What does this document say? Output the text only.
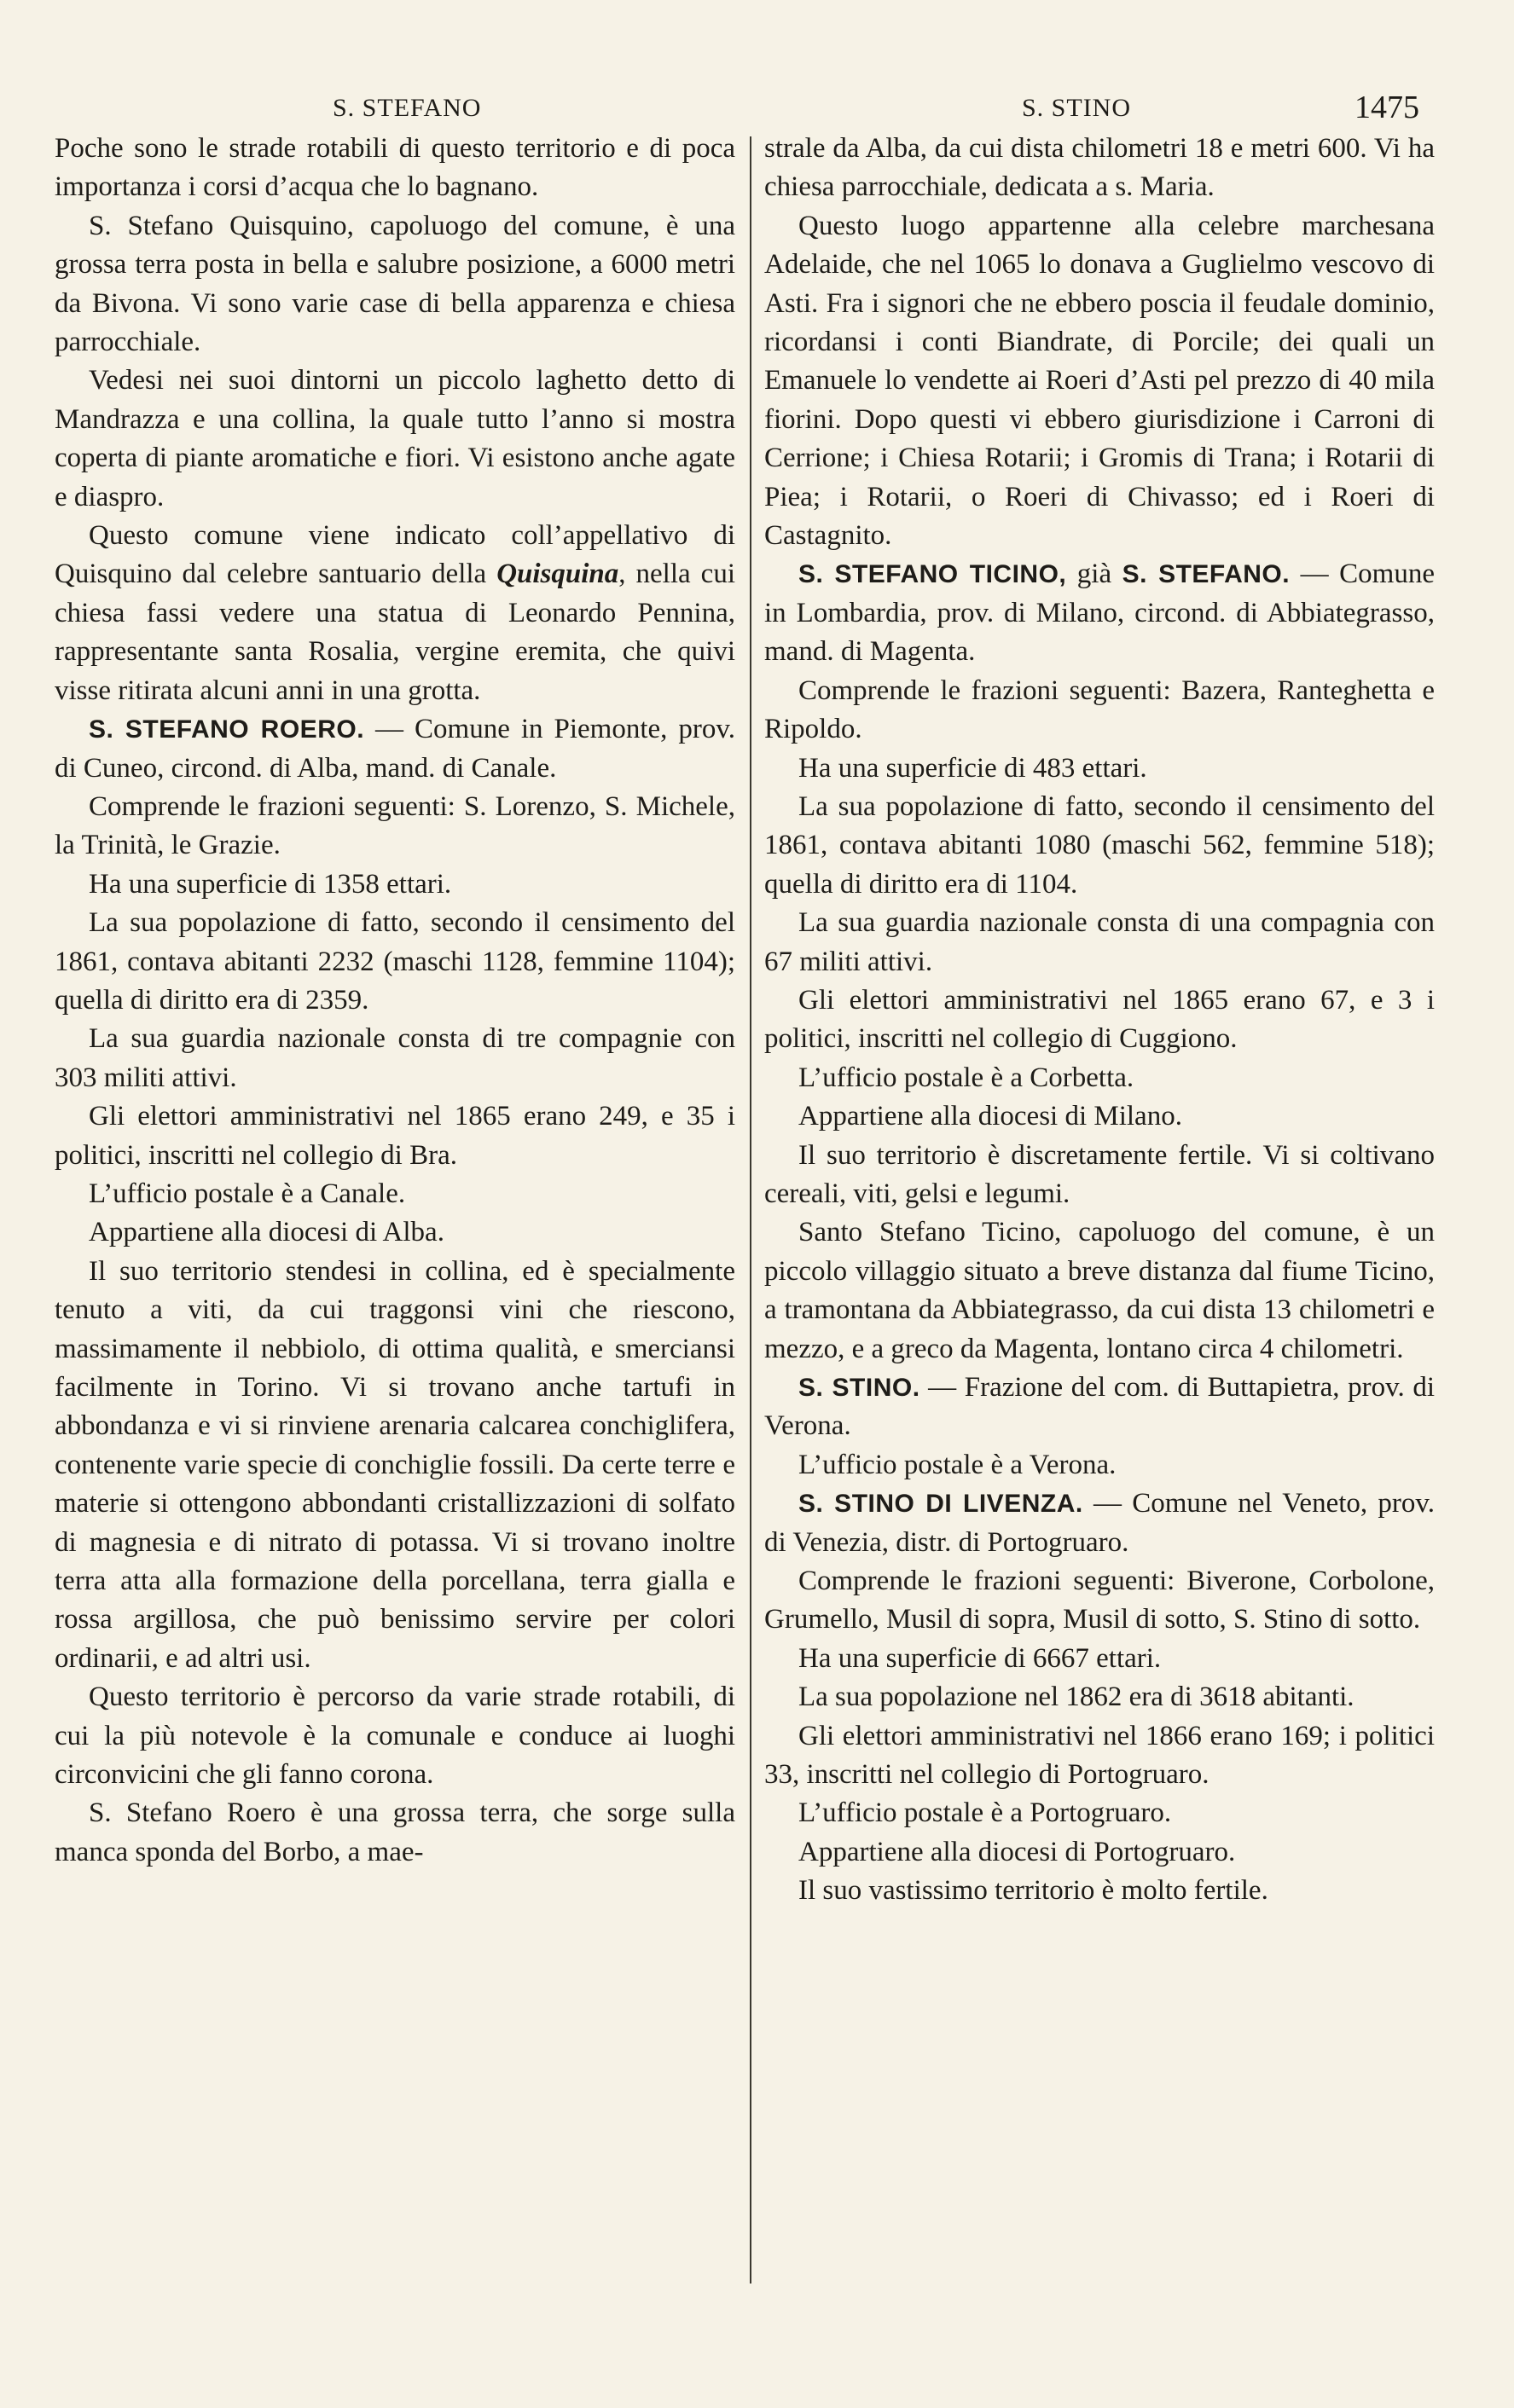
S. STEFANO	S. STINO	1475

Poche sono le strade rotabili di questo territorio e di poca importanza i corsi d’acqua che lo bagnano.

S. Stefano Quisquino, capoluogo del comune, è una grossa terra posta in bella e salubre posizione, a 6000 metri da Bivona. Vi sono varie case di bella apparenza e chiesa parrocchiale.

Vedesi nei suoi dintorni un piccolo laghetto detto di Mandrazza e una collina, la quale tutto l’anno si mostra coperta di piante aromatiche e fiori. Vi esistono anche agate e diaspro.

Questo comune viene indicato coll’appellativo di Quisquino dal celebre santuario della Quisquina, nella cui chiesa fassi vedere una statua di Leonardo Pennina, rappresentante santa Rosalia, vergine eremita, che quivi visse ritirata alcuni anni in una grotta.

S. STEFANO ROERO. — Comune in Piemonte, prov. di Cuneo, circond. di Alba, mand. di Canale.

Comprende le frazioni seguenti: S. Lorenzo, S. Michele, la Trinità, le Grazie.

Ha una superficie di 1358 ettari.

La sua popolazione di fatto, secondo il censimento del 1861, contava abitanti 2232 (maschi 1128, femmine 1104); quella di diritto era di 2359.

La sua guardia nazionale consta di tre compagnie con 303 militi attivi.

Gli elettori amministrativi nel 1865 erano 249, e 35 i politici, inscritti nel collegio di Bra.

L’ufficio postale è a Canale.

Appartiene alla diocesi di Alba.

Il suo territorio stendesi in collina, ed è specialmente tenuto a viti, da cui traggonsi vini che riescono, massimamente il nebbiolo, di ottima qualità, e smerciansi facilmente in Torino. Vi si trovano anche tartufi in abbondanza e vi si rinviene arenaria calcarea conchiglifera, contenente varie specie di conchiglie fossili. Da certe terre e materie si ottengono abbondanti cristallizzazioni di solfato di magnesia e di nitrato di potassa. Vi si trovano inoltre terra atta alla formazione della porcellana, terra gialla e rossa argillosa, che può benissimo servire per colori ordinarii, e ad altri usi.

Questo territorio è percorso da varie strade rotabili, di cui la più notevole è la comunale e conduce ai luoghi circonvicini che gli fanno corona.

S. Stefano Roero è una grossa terra, che sorge sulla manca sponda del Borbo, a mae-

strale da Alba, da cui dista chilometri 18 e metri 600. Vi ha chiesa parrocchiale, dedicata a s. Maria.

Questo luogo appartenne alla celebre marchesana Adelaide, che nel 1065 lo donava a Guglielmo vescovo di Asti. Fra i signori che ne ebbero poscia il feudale dominio, ricordansi i conti Biandrate, di Porcile; dei quali un Emanuele lo vendette ai Roeri d’Asti pel prezzo di 40 mila fiorini. Dopo questi vi ebbero giurisdizione i Carroni di Cerrione; i Chiesa Rotarii; i Gromis di Trana; i Rotarii di Piea; i Rotarii, o Roeri di Chivasso; ed i Roeri di Castagnito.

S. STEFANO TICINO, già S. STEFANO. — Comune in Lombardia, prov. di Milano, circond. di Abbiategrasso, mand. di Magenta.

Comprende le frazioni seguenti: Bazera, Ranteghetta e Ripoldo.

Ha una superficie di 483 ettari.

La sua popolazione di fatto, secondo il censimento del 1861, contava abitanti 1080 (maschi 562, femmine 518); quella di diritto era di 1104.

La sua guardia nazionale consta di una compagnia con 67 militi attivi.

Gli elettori amministrativi nel 1865 erano 67, e 3 i politici, inscritti nel collegio di Cuggiono.

L’ufficio postale è a Corbetta.

Appartiene alla diocesi di Milano.

Il suo territorio è discretamente fertile. Vi si coltivano cereali, viti, gelsi e legumi.

Santo Stefano Ticino, capoluogo del comune, è un piccolo villaggio situato a breve distanza dal fiume Ticino, a tramontana da Abbiategrasso, da cui dista 13 chilometri e mezzo, e a greco da Magenta, lontano circa 4 chilometri.

S. STINO. — Frazione del com. di Buttapietra, prov. di Verona.

L’ufficio postale è a Verona.

S. STINO DI LIVENZA. — Comune nel Veneto, prov. di Venezia, distr. di Portogruaro.

Comprende le frazioni seguenti: Biverone, Corbolone, Grumello, Musil di sopra, Musil di sotto, S. Stino di sotto.

Ha una superficie di 6667 ettari.

La sua popolazione nel 1862 era di 3618 abitanti.

Gli elettori amministrativi nel 1866 erano 169; i politici 33, inscritti nel collegio di Portogruaro.

L’ufficio postale è a Portogruaro.

Appartiene alla diocesi di Portogruaro.

Il suo vastissimo territorio è molto fertile.
